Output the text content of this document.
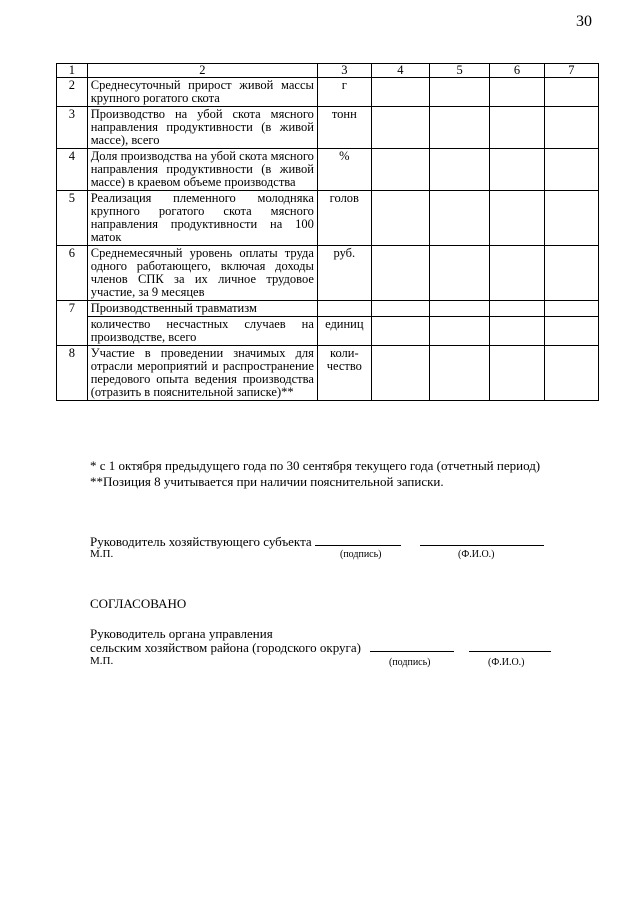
30
1	2	3	4	5	6	7
2	Среднесуточный прирост живой массы крупного рогатого скота	г				
3	Производство на убой скота мясного направления продуктивности (в живой массе), всего	тонн				
4	Доля производства на убой скота мясного направления продуктивности (в живой массе) в краевом объеме производства	%				
5	Реализация племенного молодняка крупного рогатого скота мясного направления продуктивности на 100 маток	голов				
6	Среднемесячный уровень оплаты труда одного работающего, включая доходы членов СПК за их личное трудовое участие, за 9 месяцев	руб.				
7	Производственный травматизм					
	количество несчастных случаев на производстве, всего	единиц				
8	Участие в проведении значимых для отрасли мероприятий и распространение передового опыта ведения производства (отразить в пояснительной записке)**	коли-чество				
* с 1 октября предыдущего года по 30 сентября текущего года (отчетный период)
**Позиция 8 учитывается при наличии пояснительной записки.
Руководитель хозяйствующего субъекта
М.П.	(подпись)	(Ф.И.О.)
СОГЛАСОВАНО
Руководитель органа управления
сельским хозяйством района (городского округа)
М.П.	(подпись)	(Ф.И.О.)
